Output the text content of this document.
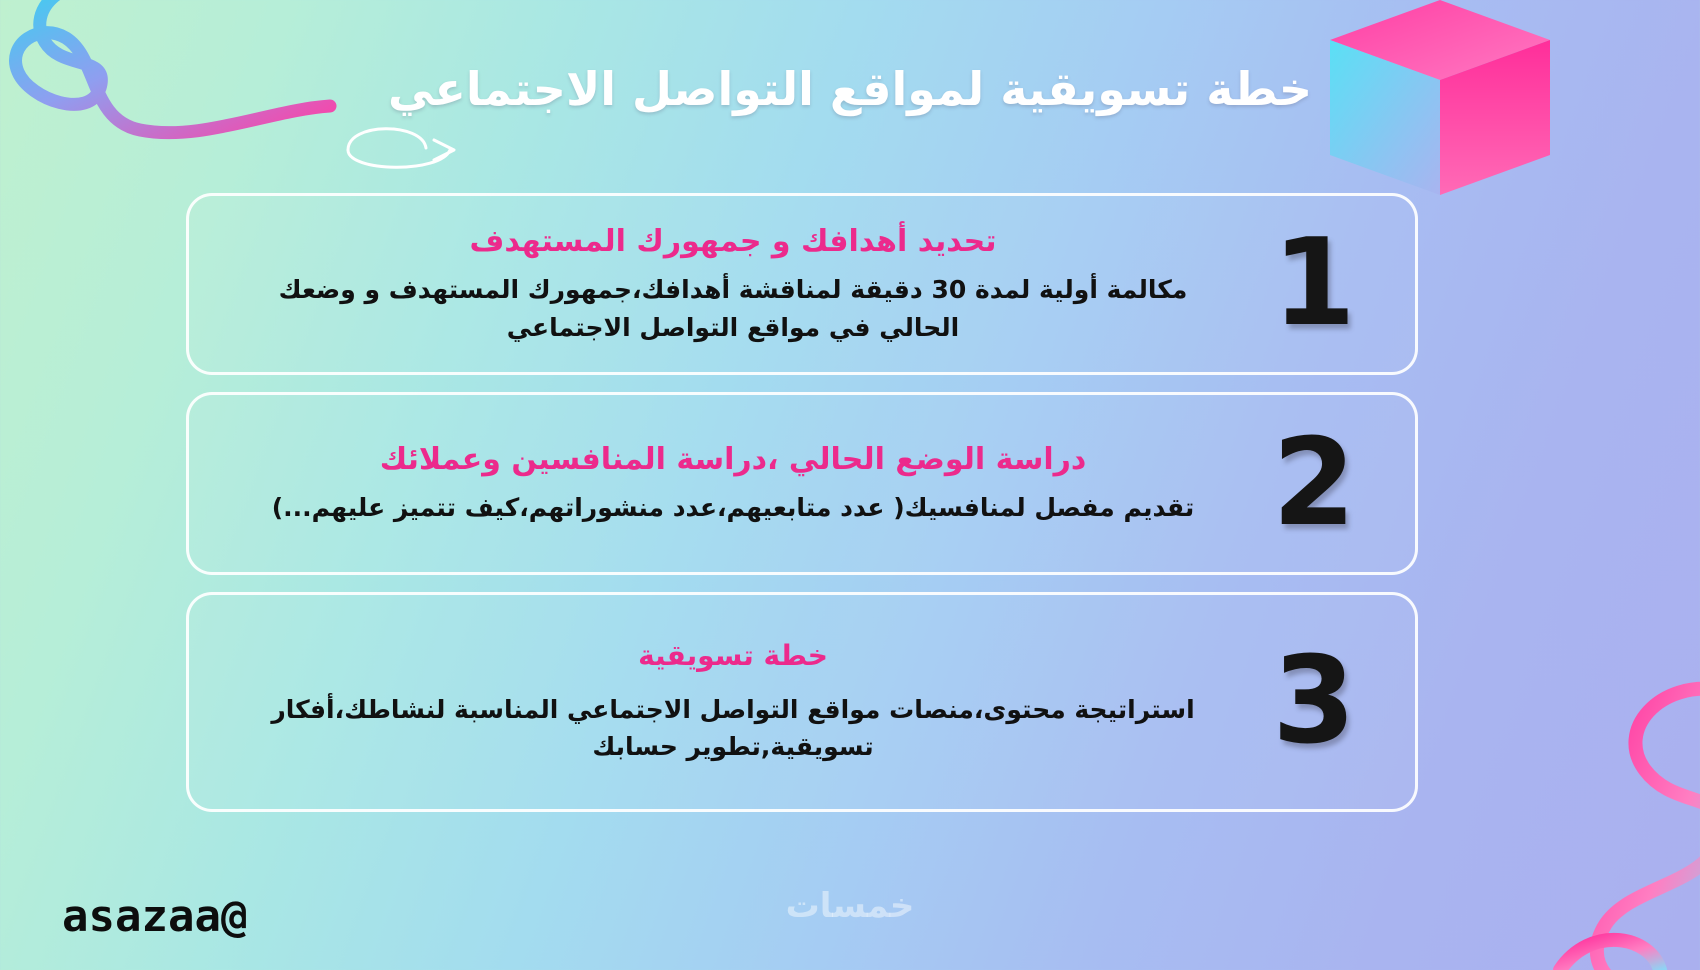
خطة تسويقية لمواقع التواصل الاجتماعي
1
تحديد أهدافك و جمهورك المستهدف
مكالمة أولية لمدة 30 دقيقة لمناقشة أهدافك،جمهورك المستهدف و وضعك الحالي في مواقع التواصل الاجتماعي
2
دراسة الوضع الحالي ،دراسة المنافسين وعملائك
تقديم مفصل لمنافسيك( عدد متابعيهم،عدد منشوراتهم،كيف تتميز عليهم...)
3
خطة تسويقية
استراتيجة محتوى،منصات مواقع التواصل الاجتماعي المناسبة لنشاطك،أفكار تسويقية,تطوير حسابك
@asazaa	خمسات
